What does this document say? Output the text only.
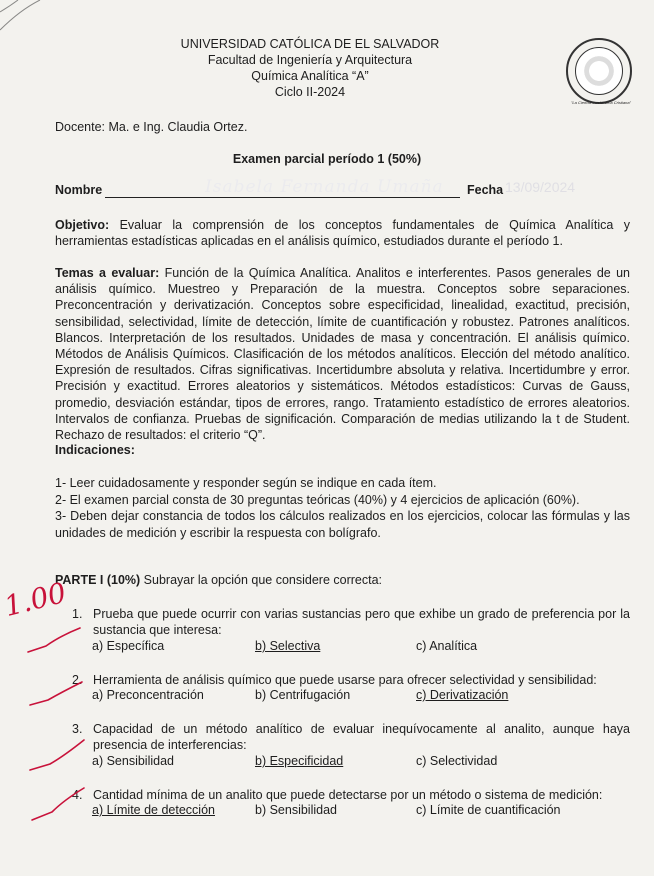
UNIVERSIDAD CATÓLICA DE EL SALVADOR
Facultad de Ingeniería y Arquitectura
Química Analítica “A”
Ciclo II-2024
"La Ciencia con Mística Cristiana"
Docente: Ma. e Ing. Claudia Ortez.
Examen parcial período 1 (50%)
Nombre	Isabela Fernanda Umaña Fecha 13/09/2024
Objetivo: Evaluar la comprensión de los conceptos fundamentales de Química Analítica y herramientas estadísticas aplicadas en el análisis químico, estudiados durante el período 1.
Temas a evaluar: Función de la Química Analítica. Analitos e interferentes. Pasos generales de un análisis químico. Muestreo y Preparación de la muestra. Conceptos sobre separaciones. Preconcentración y derivatización. Conceptos sobre especificidad, linealidad, exactitud, precisión, sensibilidad, selectividad, límite de detección, límite de cuantificación y robustez. Patrones analíticos. Blancos. Interpretación de los resultados. Unidades de masa y concentración. El análisis químico. Métodos de Análisis Químicos. Clasificación de los métodos analíticos. Elección del método analítico. Expresión de resultados. Cifras significativas. Incertidumbre absoluta y relativa. Incertidumbre y error. Precisión y exactitud. Errores aleatorios y sistemáticos. Métodos estadísticos: Curvas de Gauss, promedio, desviación estándar, tipos de errores, rango. Tratamiento estadístico de errores aleatorios. Intervalos de confianza. Pruebas de significación. Comparación de medias utilizando la t de Student. Rechazo de resultados: el criterio “Q”.
Indicaciones:
1- Leer cuidadosamente y responder según se indique en cada ítem.
2- El examen parcial consta de 30 preguntas teóricas (40%) y 4 ejercicios de aplicación (60%).
3- Deben dejar constancia de todos los cálculos realizados en los ejercicios, colocar las fórmulas y las unidades de medición y escribir la respuesta con bolígrafo.
PARTE I (10%) Subrayar la opción que considere correcta:
1.00 1. Prueba que puede ocurrir con varias sustancias pero que exhibe un grado de preferencia por la sustancia que interesa:
a) Específica	b) Selectiva	c) Analítica
2. Herramienta de análisis químico que puede usarse para ofrecer selectividad y sensibilidad:
a) Preconcentración	b) Centrifugación	c) Derivatización
3. Capacidad de un método analítico de evaluar inequívocamente al analito, aunque haya presencia de interferencias:
a) Sensibilidad	b) Especificidad	c) Selectividad
4. Cantidad mínima de un analito que puede detectarse por un método o sistema de medición:
a) Límite de detección	b) Sensibilidad	c) Límite de cuantificación
